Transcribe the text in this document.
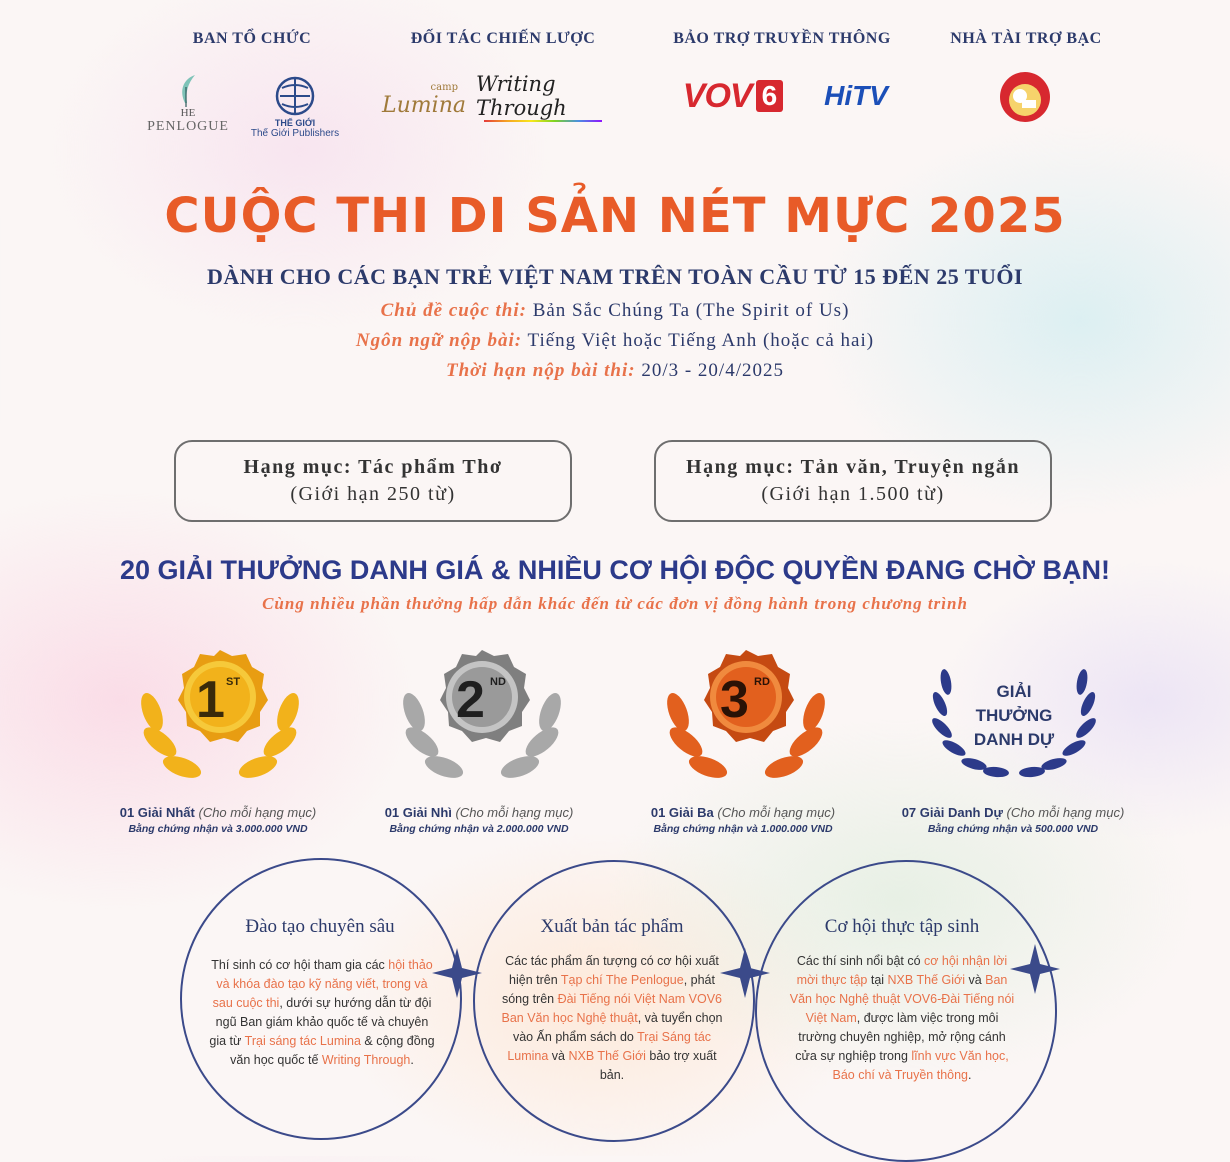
BAN TỔ CHỨC	ĐỐI TÁC CHIẾN LƯỢC	BẢO TRỢ TRUYỀN THÔNG	NHÀ TÀI TRỢ BẠC
HE
PENLOGUE	THẾ GIỚI
Thế Giới Publishers
camp
Lumina
Writing Through	VOV 6 HiTV
CUỘC THI DI SẢN NÉT MỰC 2025
DÀNH CHO CÁC BẠN TRẺ VIỆT NAM TRÊN TOÀN CẦU TỪ 15 ĐẾN 25 TUỔI
Chủ đề cuộc thi: Bản Sắc Chúng Ta (The Spirit of Us)
Ngôn ngữ nộp bài: Tiếng Việt hoặc Tiếng Anh (hoặc cả hai)
Thời hạn nộp bài thi: 20/3 - 20/4/2025
Hạng mục: Tác phẩm Thơ
(Giới hạn 250 từ)
Hạng mục: Tản văn, Truyện ngắn
(Giới hạn 1.500 từ)
20 GIẢI THƯỞNG DANH GIÁ & NHIỀU CƠ HỘI ĐỘC QUYỀN ĐANG CHỜ BẠN!
Cùng nhiều phần thưởng hấp dẫn khác đến từ các đơn vị đồng hành trong chương trình
1 ST	2 ND	3 RD	GIẢI
THƯỞNG
DANH DỰ
01 Giải Nhất (Cho mỗi hạng mục)
Bằng chứng nhận và 3.000.000 VND
01 Giải Nhì (Cho mỗi hạng mục)
Bằng chứng nhận và 2.000.000 VND
01 Giải Ba (Cho mỗi hạng mục)
Bằng chứng nhận và 1.000.000 VND
07 Giải Danh Dự (Cho mỗi hạng mục)
Bằng chứng nhận và 500.000 VND
Đào tạo chuyên sâu
Thí sinh có cơ hội tham gia các hội thảo và khóa đào tạo kỹ năng viết, trong và sau cuộc thi, dưới sự hướng dẫn từ đội ngũ Ban giám khảo quốc tế và chuyên gia từ Trại sáng tác Lumina & cộng đồng văn học quốc tế Writing Through.
Xuất bản tác phẩm
Các tác phẩm ấn tượng có cơ hội xuất hiện trên Tạp chí The Penlogue, phát sóng trên Đài Tiếng nói Việt Nam VOV6 Ban Văn học Nghệ thuật, và tuyển chọn vào Ấn phẩm sách do Trại Sáng tác Lumina và NXB Thế Giới bảo trợ xuất bản.
Cơ hội thực tập sinh
Các thí sinh nổi bật có cơ hội nhận lời mời thực tập tại NXB Thế Giới và Ban Văn học Nghệ thuật VOV6-Đài Tiếng nói Việt Nam, được làm việc trong môi trường chuyên nghiệp, mở rộng cánh cửa sự nghiệp trong lĩnh vực Văn học, Báo chí và Truyền thông.
